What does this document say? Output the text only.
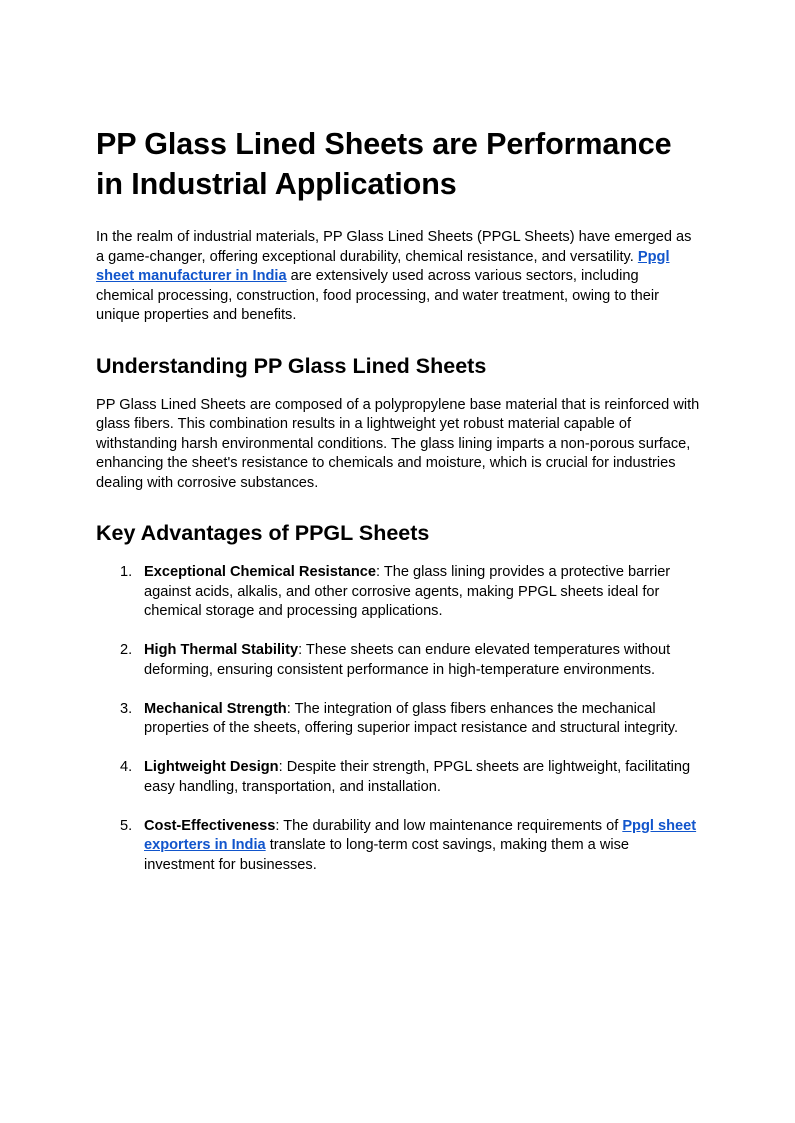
PP Glass Lined Sheets are Performance in Industrial Applications

In the realm of industrial materials, PP Glass Lined Sheets (PPGL Sheets) have emerged as a game-changer, offering exceptional durability, chemical resistance, and versatility. Ppgl sheet manufacturer in India are extensively used across various sectors, including chemical processing, construction, food processing, and water treatment, owing to their unique properties and benefits.

Understanding PP Glass Lined Sheets

PP Glass Lined Sheets are composed of a polypropylene base material that is reinforced with glass fibers. This combination results in a lightweight yet robust material capable of withstanding harsh environmental conditions. The glass lining imparts a non-porous surface, enhancing the sheet's resistance to chemicals and moisture, which is crucial for industries dealing with corrosive substances.

Key Advantages of PPGL Sheets
1. Exceptional Chemical Resistance: The glass lining provides a protective barrier against acids, alkalis, and other corrosive agents, making PPGL sheets ideal for chemical storage and processing applications.
2. High Thermal Stability: These sheets can endure elevated temperatures without deforming, ensuring consistent performance in high-temperature environments.
3. Mechanical Strength: The integration of glass fibers enhances the mechanical properties of the sheets, offering superior impact resistance and structural integrity.
4. Lightweight Design: Despite their strength, PPGL sheets are lightweight, facilitating easy handling, transportation, and installation.
5. Cost-Effectiveness: The durability and low maintenance requirements of Ppgl sheet exporters in India translate to long-term cost savings, making them a wise investment for businesses.
